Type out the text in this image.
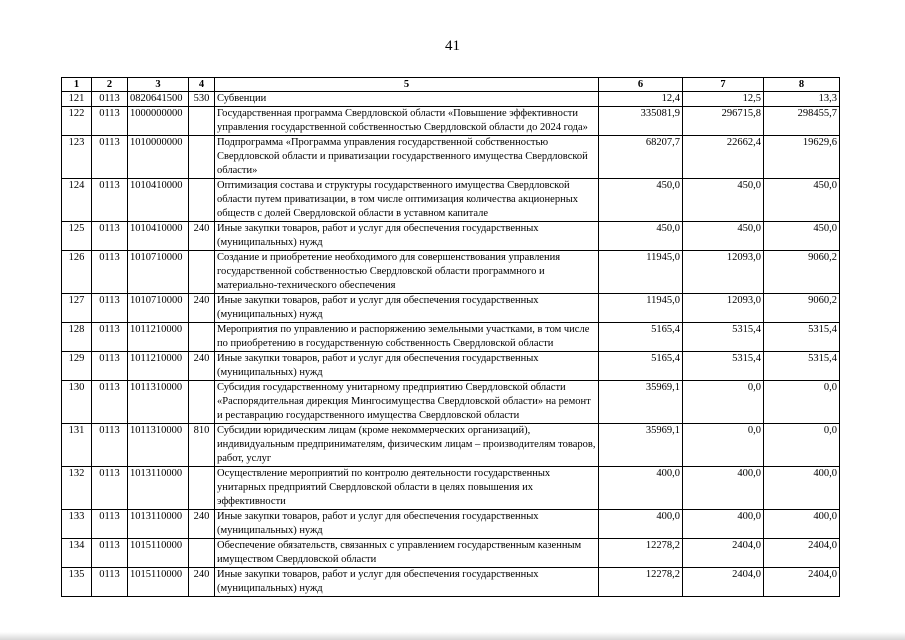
41
1	2	3	4	5	6	7	8
121	0113	0820641500	530	Субвенции	12,4	12,5	13,3
122	0113	1000000000		Государственная программа Свердловской области «Повышение эффективности управления государственной собственностью Свердловской области до 2024 года»	335081,9	296715,8	298455,7
123	0113	1010000000		Подпрограмма «Программа управления государственной собственностью Свердловской области и приватизации государственного имущества Свердловской области»	68207,7	22662,4	19629,6
124	0113	1010410000		Оптимизация состава и структуры государственного имущества Свердловской области путем приватизации, в том числе оптимизация количества акционерных обществ с долей Свердловской области в уставном капитале	450,0	450,0	450,0
125	0113	1010410000	240	Иные закупки товаров, работ и услуг для обеспечения государственных (муниципальных) нужд	450,0	450,0	450,0
126	0113	1010710000		Создание и приобретение необходимого для совершенствования управления государственной собственностью Свердловской области программного и материально-технического обеспечения	11945,0	12093,0	9060,2
127	0113	1010710000	240	Иные закупки товаров, работ и услуг для обеспечения государственных (муниципальных) нужд	11945,0	12093,0	9060,2
128	0113	1011210000		Мероприятия по управлению и распоряжению земельными участками, в том числе по приобретению в государственную собственность Свердловской области	5165,4	5315,4	5315,4
129	0113	1011210000	240	Иные закупки товаров, работ и услуг для обеспечения государственных (муниципальных) нужд	5165,4	5315,4	5315,4
130	0113	1011310000		Субсидия государственному унитарному предприятию Свердловской области «Распорядительная дирекция Мингосимущества Свердловской области» на ремонт и реставрацию государственного имущества Свердловской области	35969,1	0,0	0,0
131	0113	1011310000	810	Субсидии юридическим лицам (кроме некоммерческих организаций), индивидуальным предпринимателям, физическим лицам – производителям товаров, работ, услуг	35969,1	0,0	0,0
132	0113	1013110000		Осуществление мероприятий по контролю деятельности государственных унитарных предприятий Свердловской области в целях повышения их эффективности	400,0	400,0	400,0
133	0113	1013110000	240	Иные закупки товаров, работ и услуг для обеспечения государственных (муниципальных) нужд	400,0	400,0	400,0
134	0113	1015110000		Обеспечение обязательств, связанных с управлением государственным казенным имуществом Свердловской области	12278,2	2404,0	2404,0
135	0113	1015110000	240	Иные закупки товаров, работ и услуг для обеспечения государственных (муниципальных) нужд	12278,2	2404,0	2404,0
